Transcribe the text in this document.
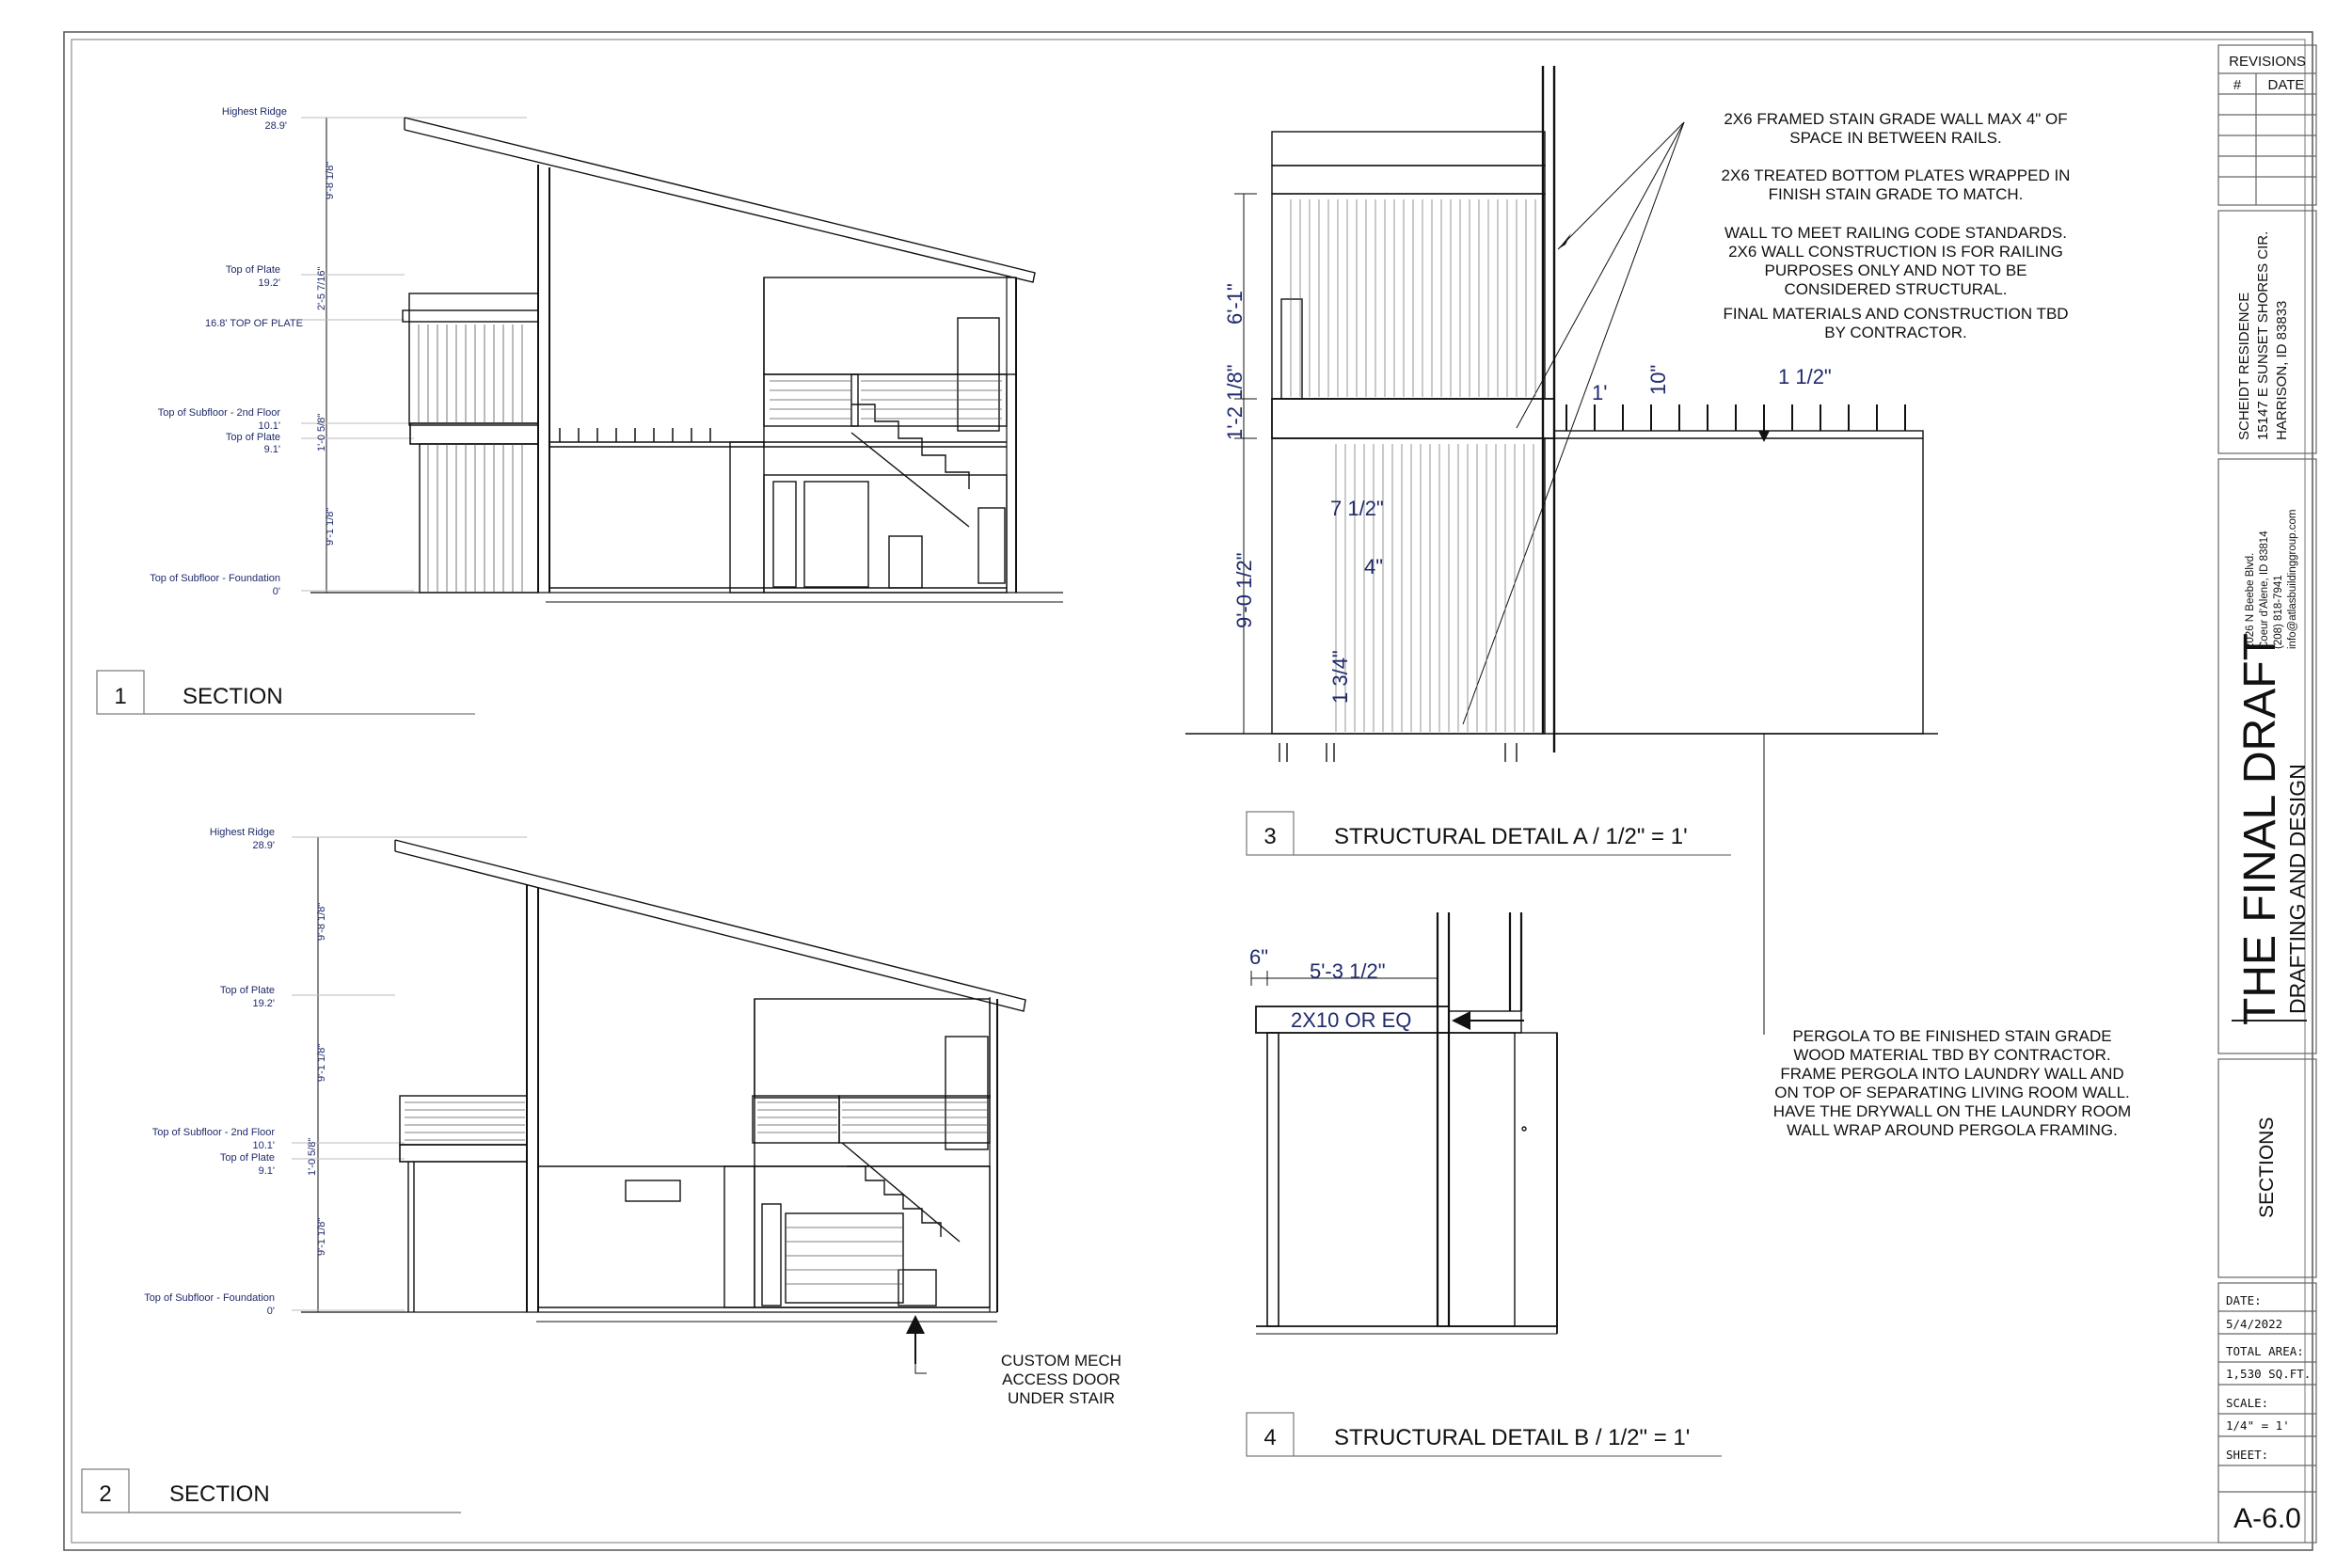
Highest Ridge
28.9'
Top of Plate
19.2'
16.8' TOP OF PLATE
Top of Subfloor - 2nd Floor
10.1'
Top of Plate
9.1'
Top of Subfloor - Foundation
0'
9'-8 1/8"
2'-5 7/16"
1'-0 5/8"
9'-1 1/8"
Highest Ridge
28.9'
Top of Plate
19.2'
Top of Subfloor - 2nd Floor
10.1'
Top of Plate
9.1'
Top of Subfloor - Foundation
0'
9'-8 1/8"
9'-1 1/8"
1'-0 5/8"
9'-1 1/8"
CUSTOM MECH
ACCESS DOOR
UNDER STAIR
1 SECTION
2	SECTION
3	STRUCTURAL DETAIL A / 1/2" = 1'
4	STRUCTURAL DETAIL B / 1/2" = 1'
6'-1"
1'-2 1/8"
9'-0 1/2"
7 1/2"
4"
1 3/4"
1' 10"	1 1/2"
2X6 FRAMED STAIN GRADE WALL MAX 4" OF
SPACE IN BETWEEN RAILS.
2X6 TREATED BOTTOM PLATES WRAPPED IN
FINISH STAIN GRADE TO MATCH.
WALL TO MEET RAILING CODE STANDARDS.
2X6 WALL CONSTRUCTION IS FOR RAILING
PURPOSES ONLY AND NOT TO BE
CONSIDERED STRUCTURAL.
FINAL MATERIALS AND CONSTRUCTION TBD
BY CONTRACTOR.
6"
5'-3 1/2"
2X10 OR EQ
PERGOLA TO BE FINISHED STAIN GRADE
WOOD MATERIAL TBD BY CONTRACTOR.
FRAME PERGOLA INTO LAUNDRY WALL AND
ON TOP OF SEPARATING LIVING ROOM WALL.
HAVE THE DRYWALL ON THE LAUNDRY ROOM
WALL WRAP AROUND PERGOLA FRAMING.
REVISIONS
# DATE
SCHEIDT RESIDENCE 15147 E SUNSET SHORES CIR. HARRISON, ID 83833
THE FINAL DRAFT DRAFTING AND DESIGN
2026 N Beebe Blvd. Coeur d'Alene, ID 83814 (208) 818-7941 info@atlasbuildinggroup.com
SECTIONS
DATE:
5/4/2022
TOTAL AREA:
1,530 SQ.FT.
SCALE:
1/4" = 1'
SHEET:
A-6.0
